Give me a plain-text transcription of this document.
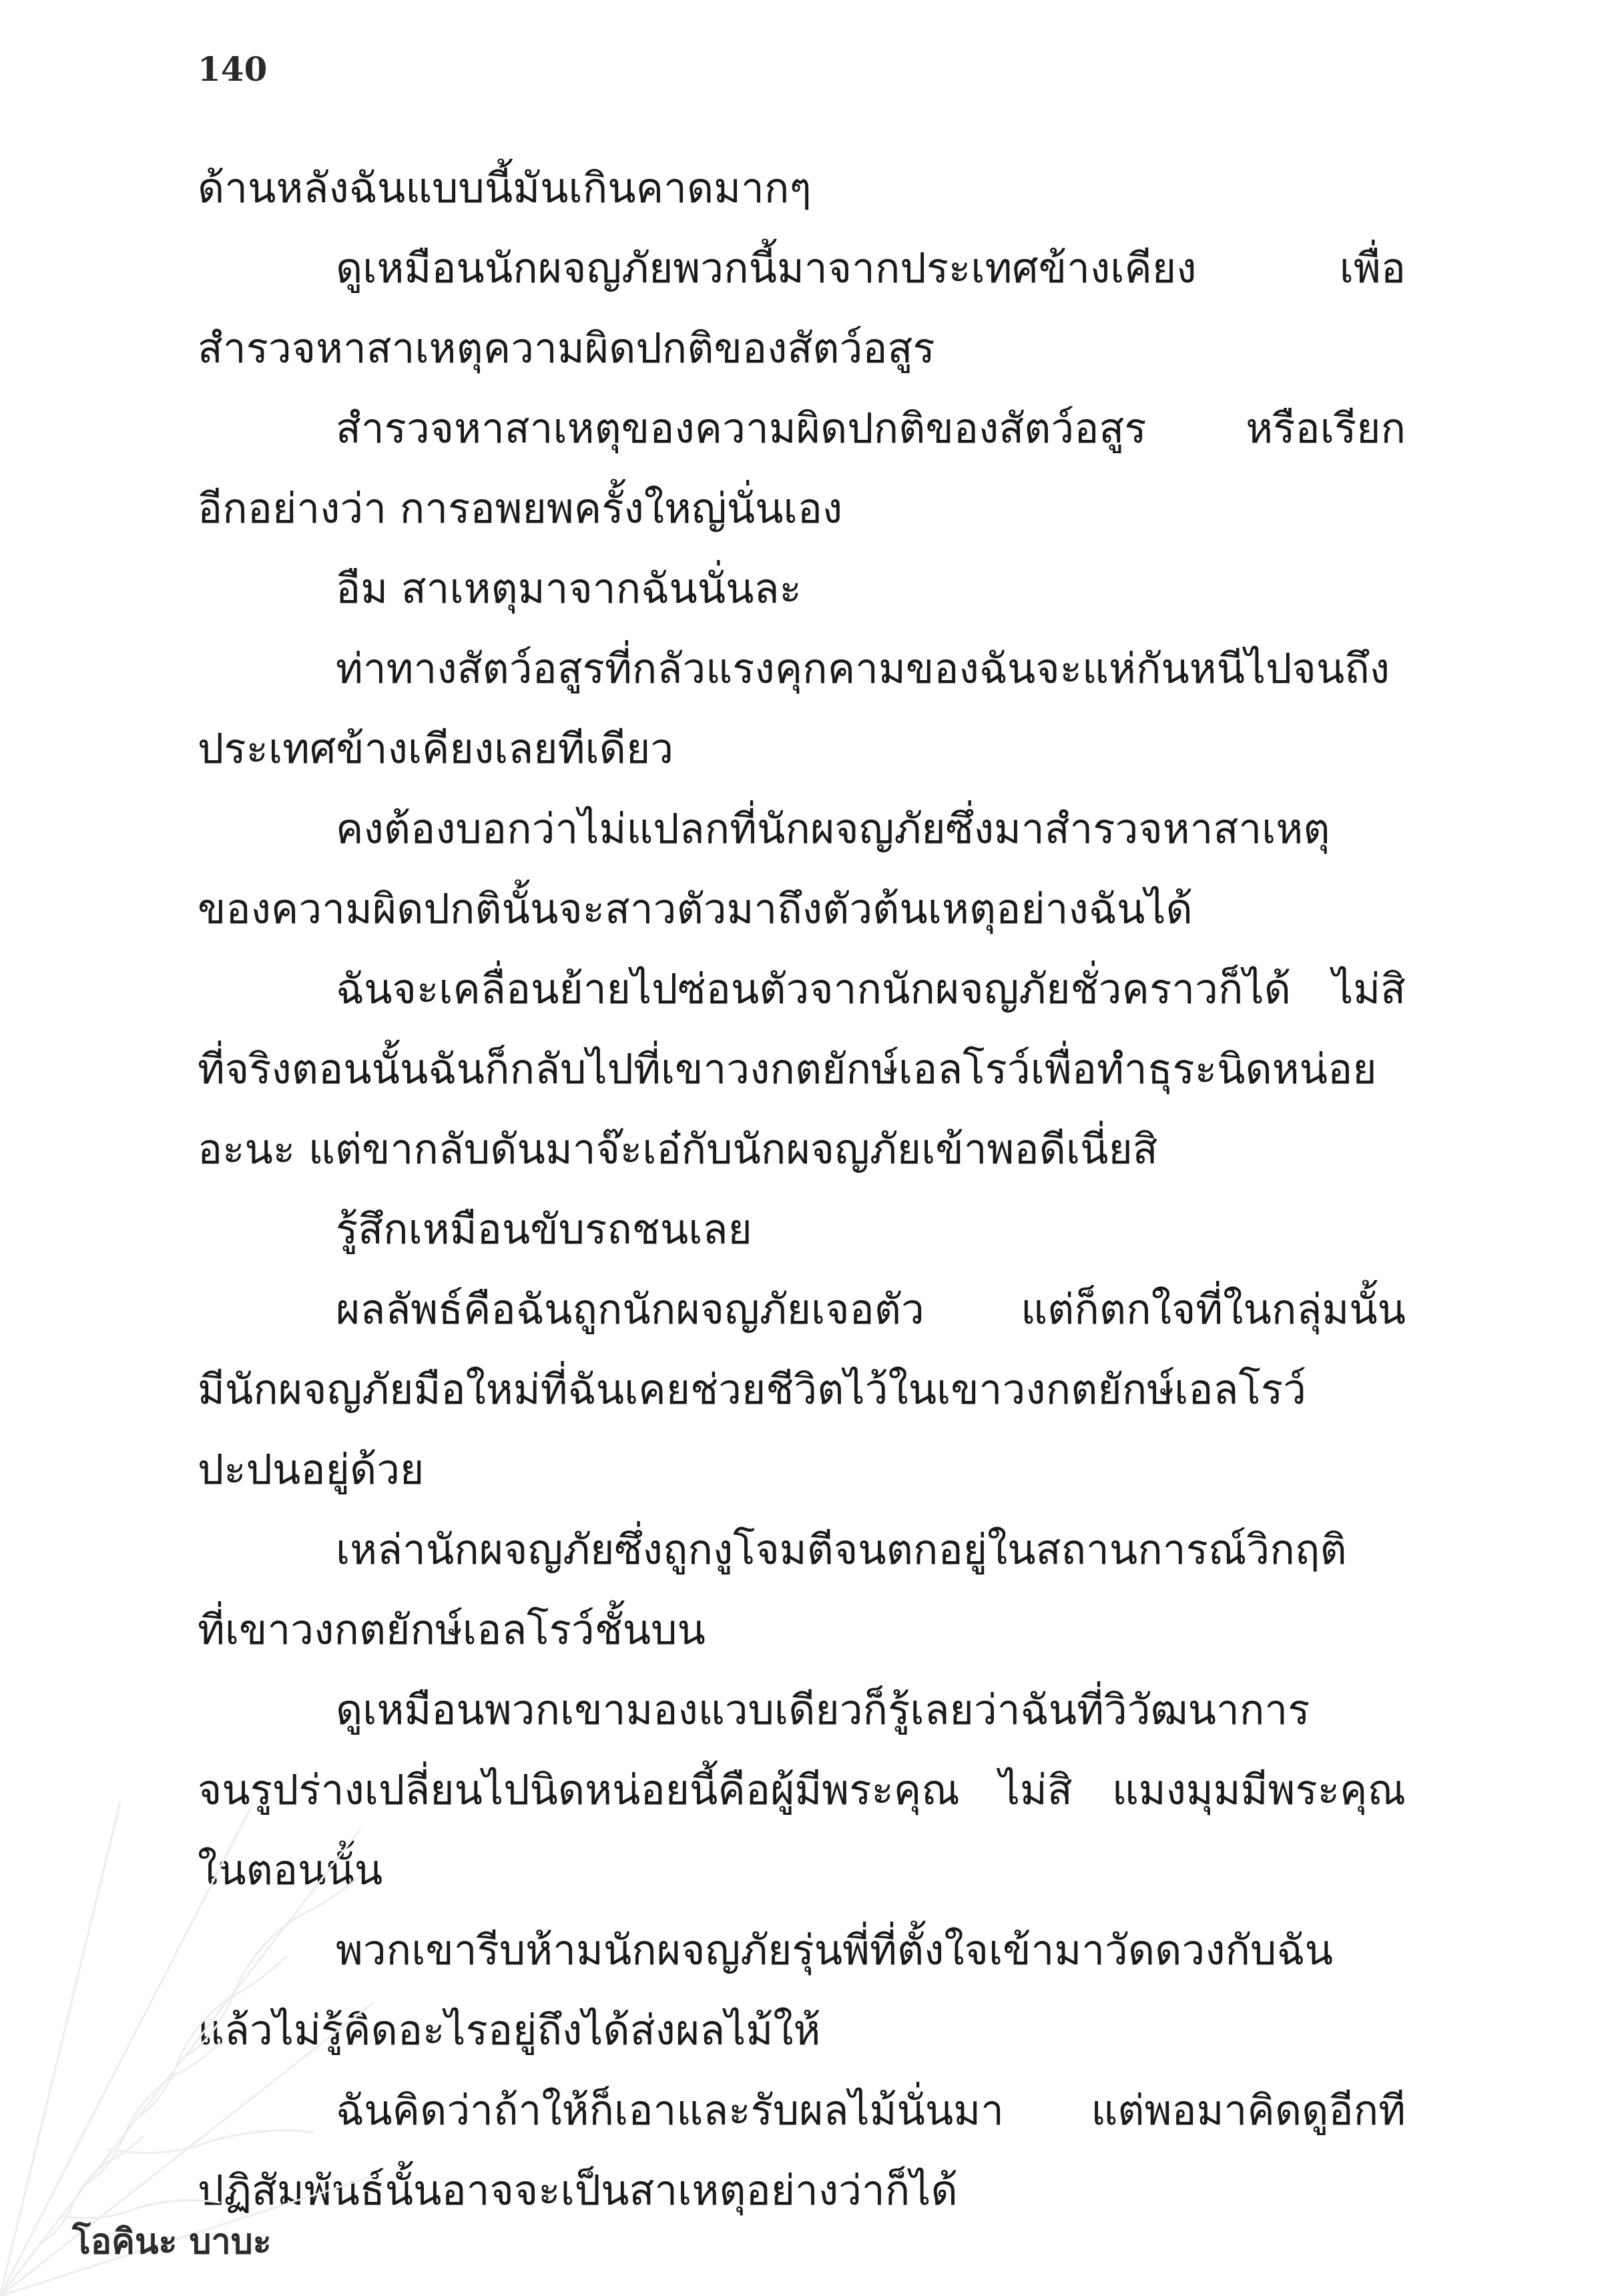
140
ด้านหลังฉันแบบนี้มันเกินคาดมากๆ
ดูเหมือนนักผจญภัยพวกนี้มาจากประเทศข้างเคียง เพื่อ
สำรวจหาสาเหตุความผิดปกติของสัตว์อสูร
สำรวจหาสาเหตุของความผิดปกติของสัตว์อสูร หรือเรียก
อีกอย่างว่า การอพยพครั้งใหญ่นั่นเอง
อืม สาเหตุมาจากฉันนั่นละ
ท่าทางสัตว์อสูรที่กลัวแรงคุกคามของฉันจะแห่กันหนีไปจนถึง
ประเทศข้างเคียงเลยทีเดียว
คงต้องบอกว่าไม่แปลกที่นักผจญภัยซึ่งมาสำรวจหาสาเหตุ
ของความผิดปกตินั้นจะสาวตัวมาถึงตัวต้นเหตุอย่างฉันได้
ฉันจะเคลื่อนย้ายไปซ่อนตัวจากนักผจญภัยชั่วคราวก็ได้ ไม่สิ
ที่จริงตอนนั้นฉันก็กลับไปที่เขาวงกตยักษ์เอลโรว์เพื่อทำธุระนิดหน่อย
อะนะ แต่ขากลับดันมาจ๊ะเอ๋กับนักผจญภัยเข้าพอดีเนี่ยสิ
รู้สึกเหมือนขับรถชนเลย
ผลลัพธ์คือฉันถูกนักผจญภัยเจอตัว แต่ก็ตกใจที่ในกลุ่มนั้น
มีนักผจญภัยมือใหม่ที่ฉันเคยช่วยชีวิตไว้ในเขาวงกตยักษ์เอลโรว์
ปะปนอยู่ด้วย
เหล่านักผจญภัยซึ่งถูกงูโจมตีจนตกอยู่ในสถานการณ์วิกฤติ
ที่เขาวงกตยักษ์เอลโรว์ชั้นบน
ดูเหมือนพวกเขามองแวบเดียวก็รู้เลยว่าฉันที่วิวัฒนาการ
จนรูปร่างเปลี่ยนไปนิดหน่อยนี้คือผู้มีพระคุณ ไม่สิ แมงมุมมีพระคุณ
ในตอนนั้น
พวกเขารีบห้ามนักผจญภัยรุ่นพี่ที่ตั้งใจเข้ามาวัดดวงกับฉัน
แล้วไม่รู้คิดอะไรอยู่ถึงได้ส่งผลไม้ให้
ฉันคิดว่าถ้าให้ก็เอาและรับผลไม้นั่นมา แต่พอมาคิดดูอีกที
ปฏิสัมพันธ์นั้นอาจจะเป็นสาเหตุอย่างว่าก็ได้
โอคินะ บาบะ
